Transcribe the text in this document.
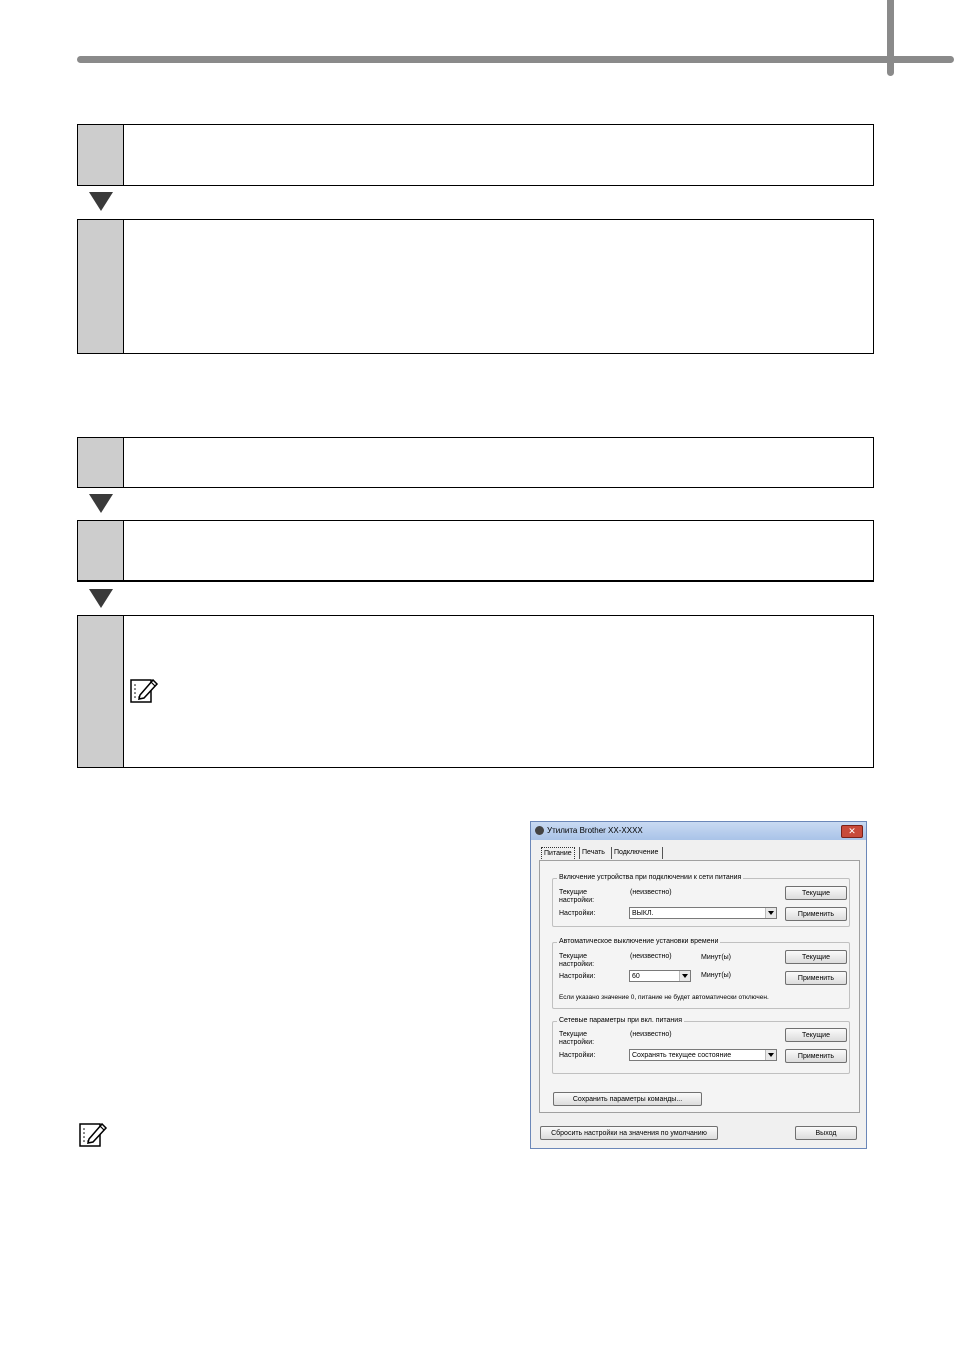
Утилита Brother XX-XXXX	✕
Питание	Печать	Подключение
Включение устройства при подключении к сети питания
Текущие
настройки:
(неизвестно)
Настройки:	ВЫКЛ.
Текущие
Применить
Автоматическое выключение установки времени
Текущие
настройки:
(неизвестно)	Минут(ы)
Настройки:	60	Минут(ы)
Текущие
Применить
Если указано значение 0, питание не будет автоматически отключен.
Сетевые параметры при вкл. питания
Текущие
настройки:
(неизвестно)
Настройки:	Сохранять текущее состояние
Текущие
Применить
Сохранить параметры команды...
Сбросить настройки на значения по умолчанию	Выход
